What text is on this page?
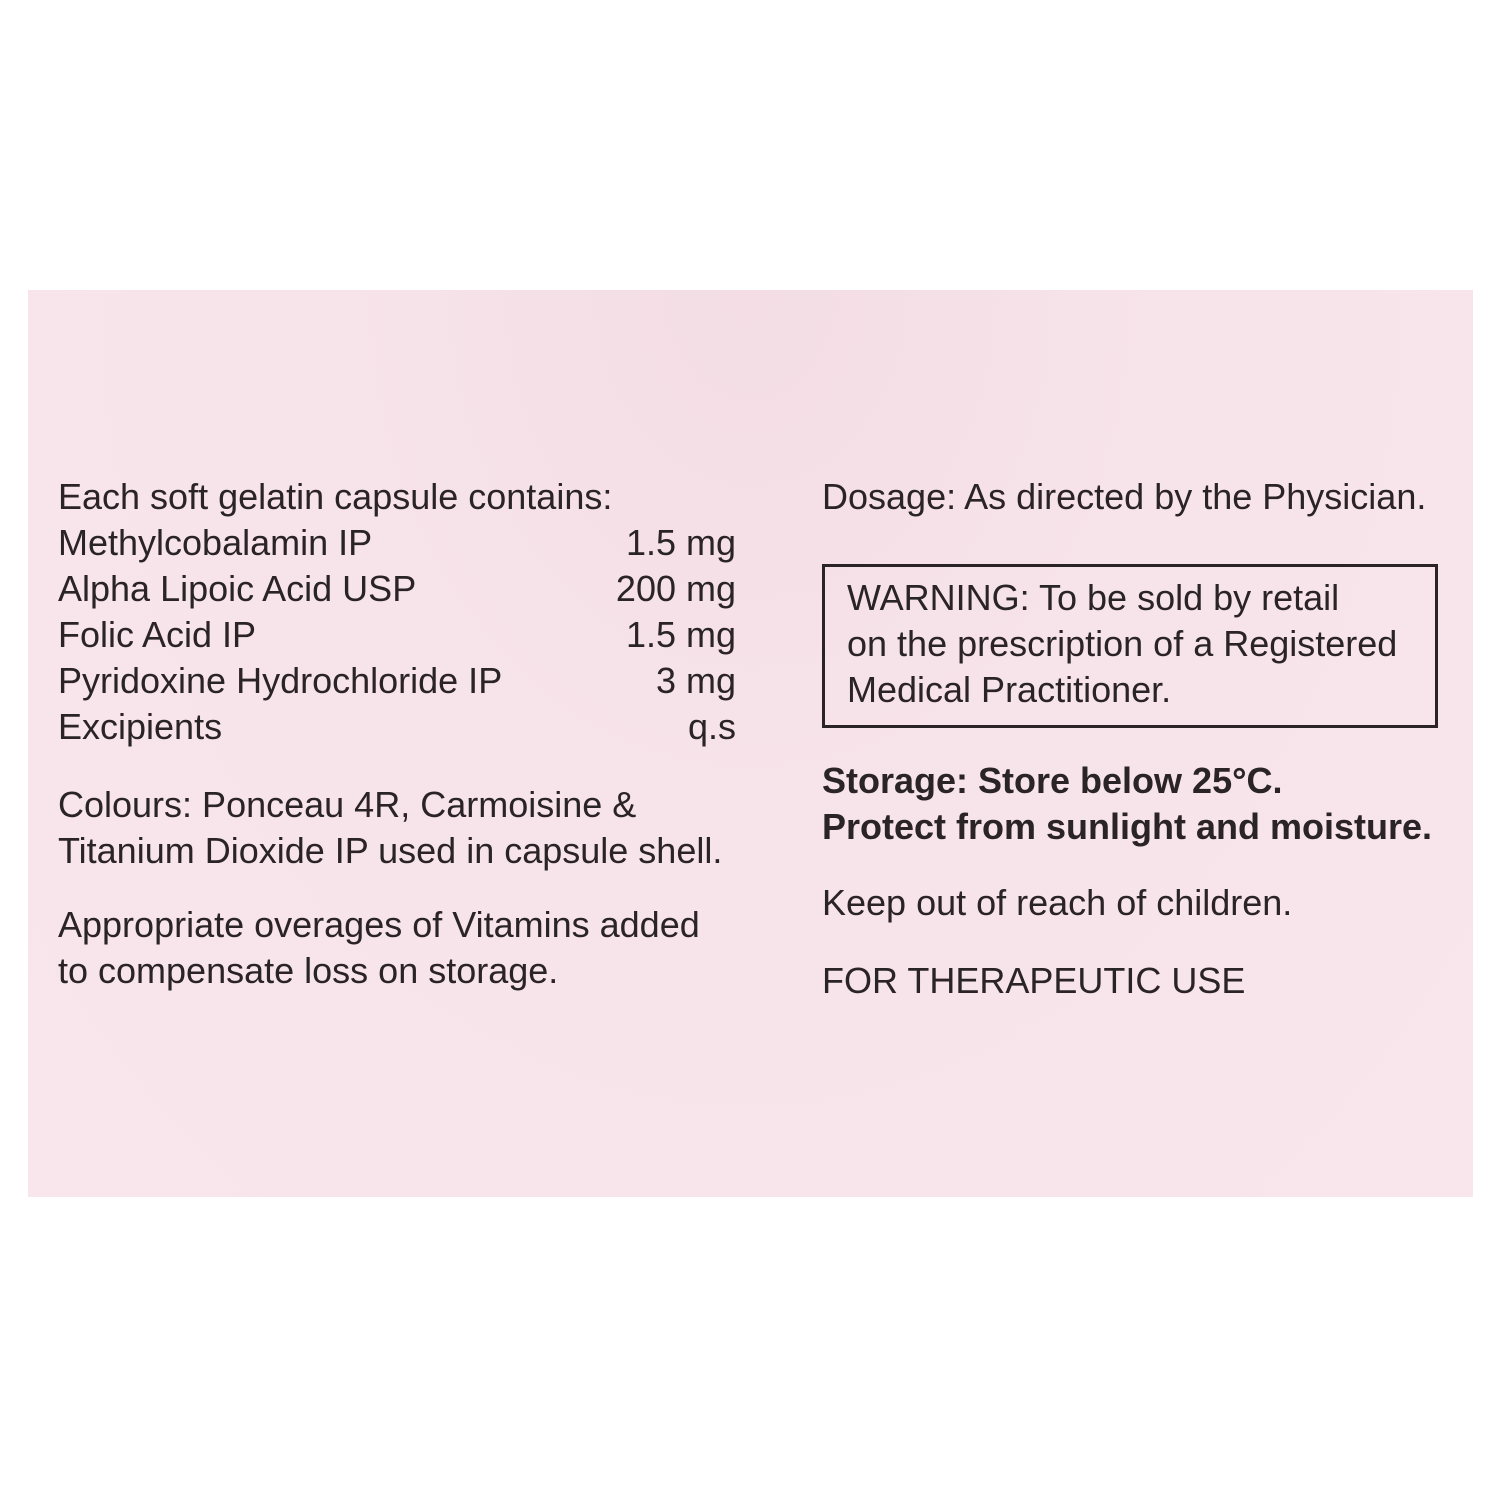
Each soft gelatin capsule contains:

Methylcobalamin IP	1.5 mg
Alpha Lipoic Acid USP	200 mg
Folic Acid IP	1.5 mg
Pyridoxine Hydrochloride IP	3 mg
Excipients	q.s

Colours: Ponceau 4R, Carmoisine &

Titanium Dioxide IP used in capsule shell.

Appropriate overages of Vitamins added

to compensate loss on storage.

Dosage: As directed by the Physician.

WARNING: To be sold by retail

on the prescription of a Registered

Medical Practitioner.

Storage: Store below 25°C.

Protect from sunlight and moisture.

Keep out of reach of children.

FOR THERAPEUTIC USE
